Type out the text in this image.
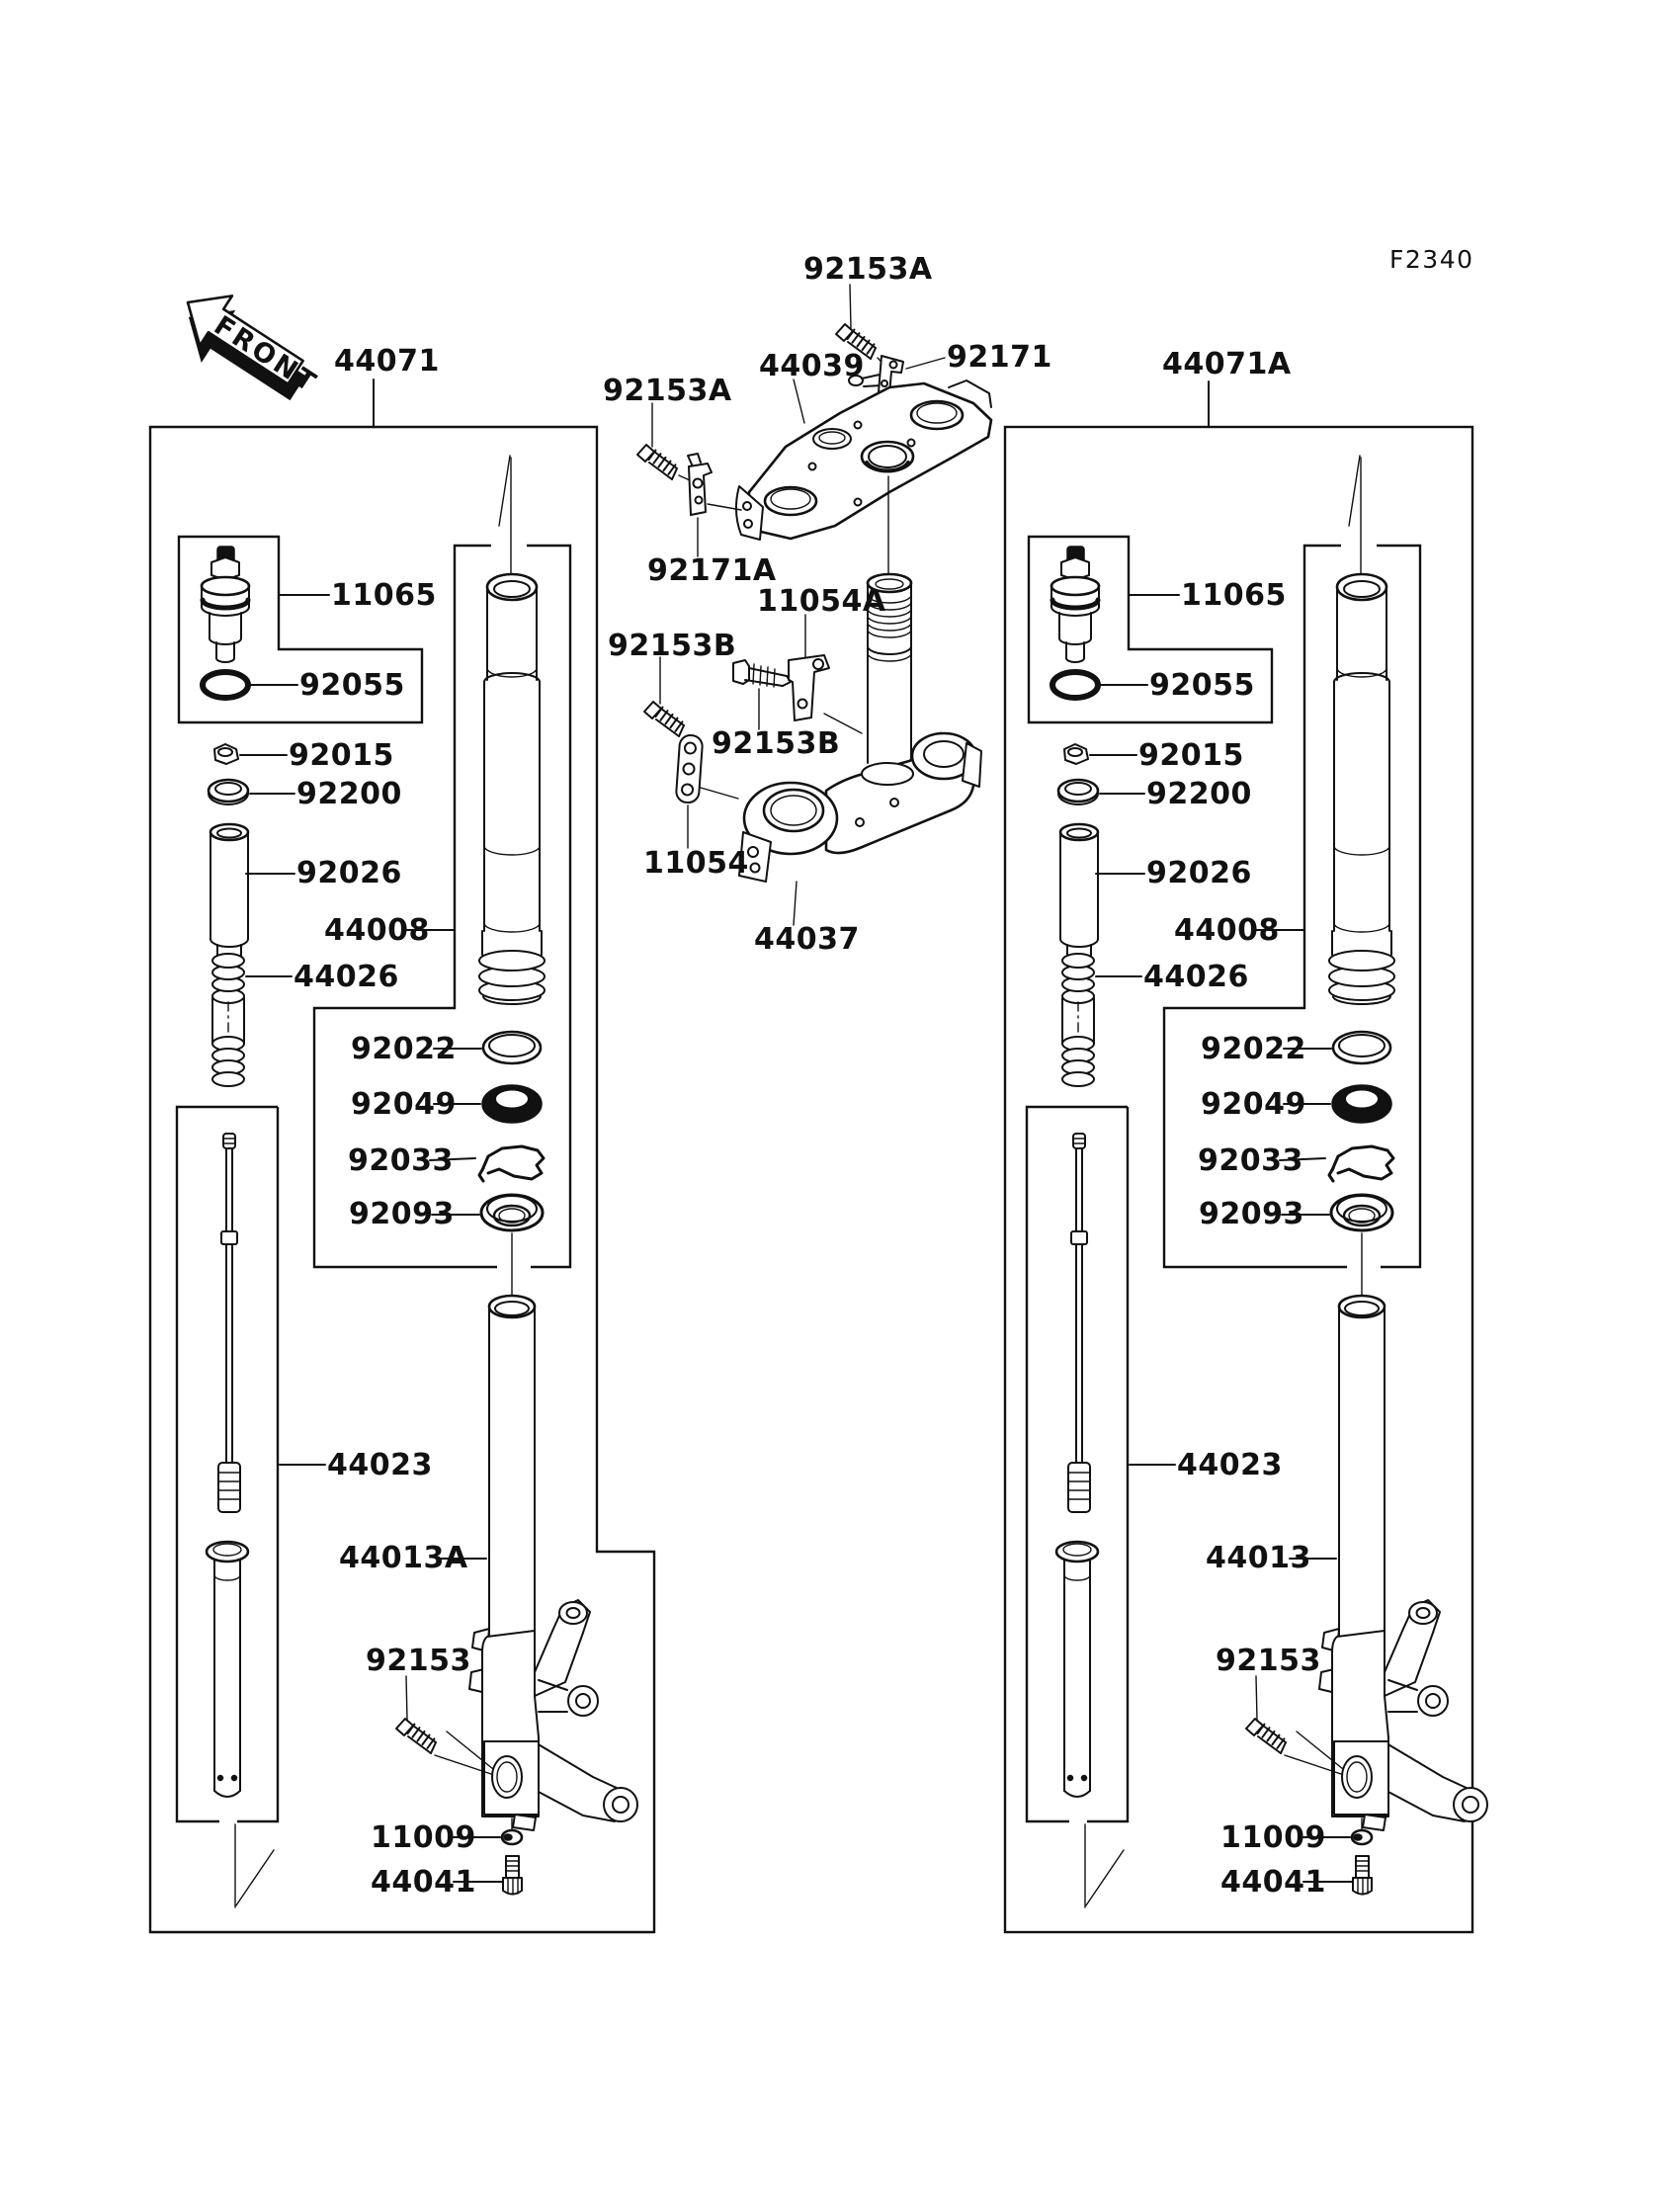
FRONT
F2340
44071
11065
92055
92015
92200
92026
44008
44026
92022
92049
92033
92093
44023
44013A
92153
11009
44041
92153A
44039	92171
92153A
92171A
11054A
92153B
92153B
11054
44037
44071A
11065
92055
92015
92200
92026
44008
44026
92022
92049
92033
92093
44023
44013
92153
11009
44041
